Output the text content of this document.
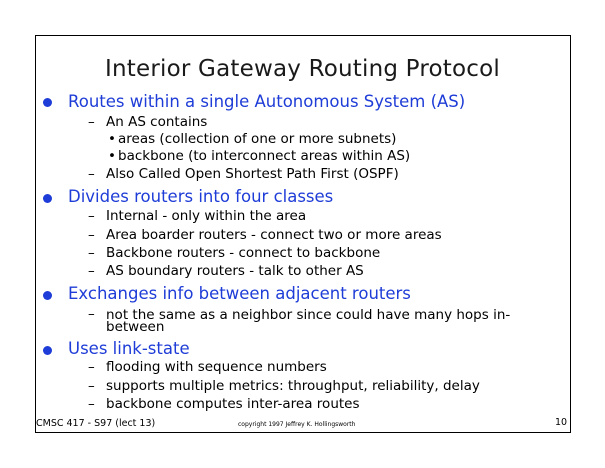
Interior Gateway Routing Protocol
Routes within a single Autonomous System (AS)
– An AS contains
• areas (collection of one or more subnets)
• backbone (to interconnect areas within AS)
– Also Called Open Shortest Path First (OSPF)
Divides routers into four classes
– Internal - only within the area
– Area boarder routers - connect two or more areas
– Backbone routers - connect to backbone
– AS boundary routers - talk to other AS
Exchanges info between adjacent routers
– not the same as a neighbor since could have many hops in-between
Uses link-state
– flooding with sequence numbers
– supports multiple metrics: throughput, reliability, delay
– backbone computes inter-area routes
CMSC 417 - S97 (lect 13)	copyright 1997 Jeffrey K. Hollingsworth	10
